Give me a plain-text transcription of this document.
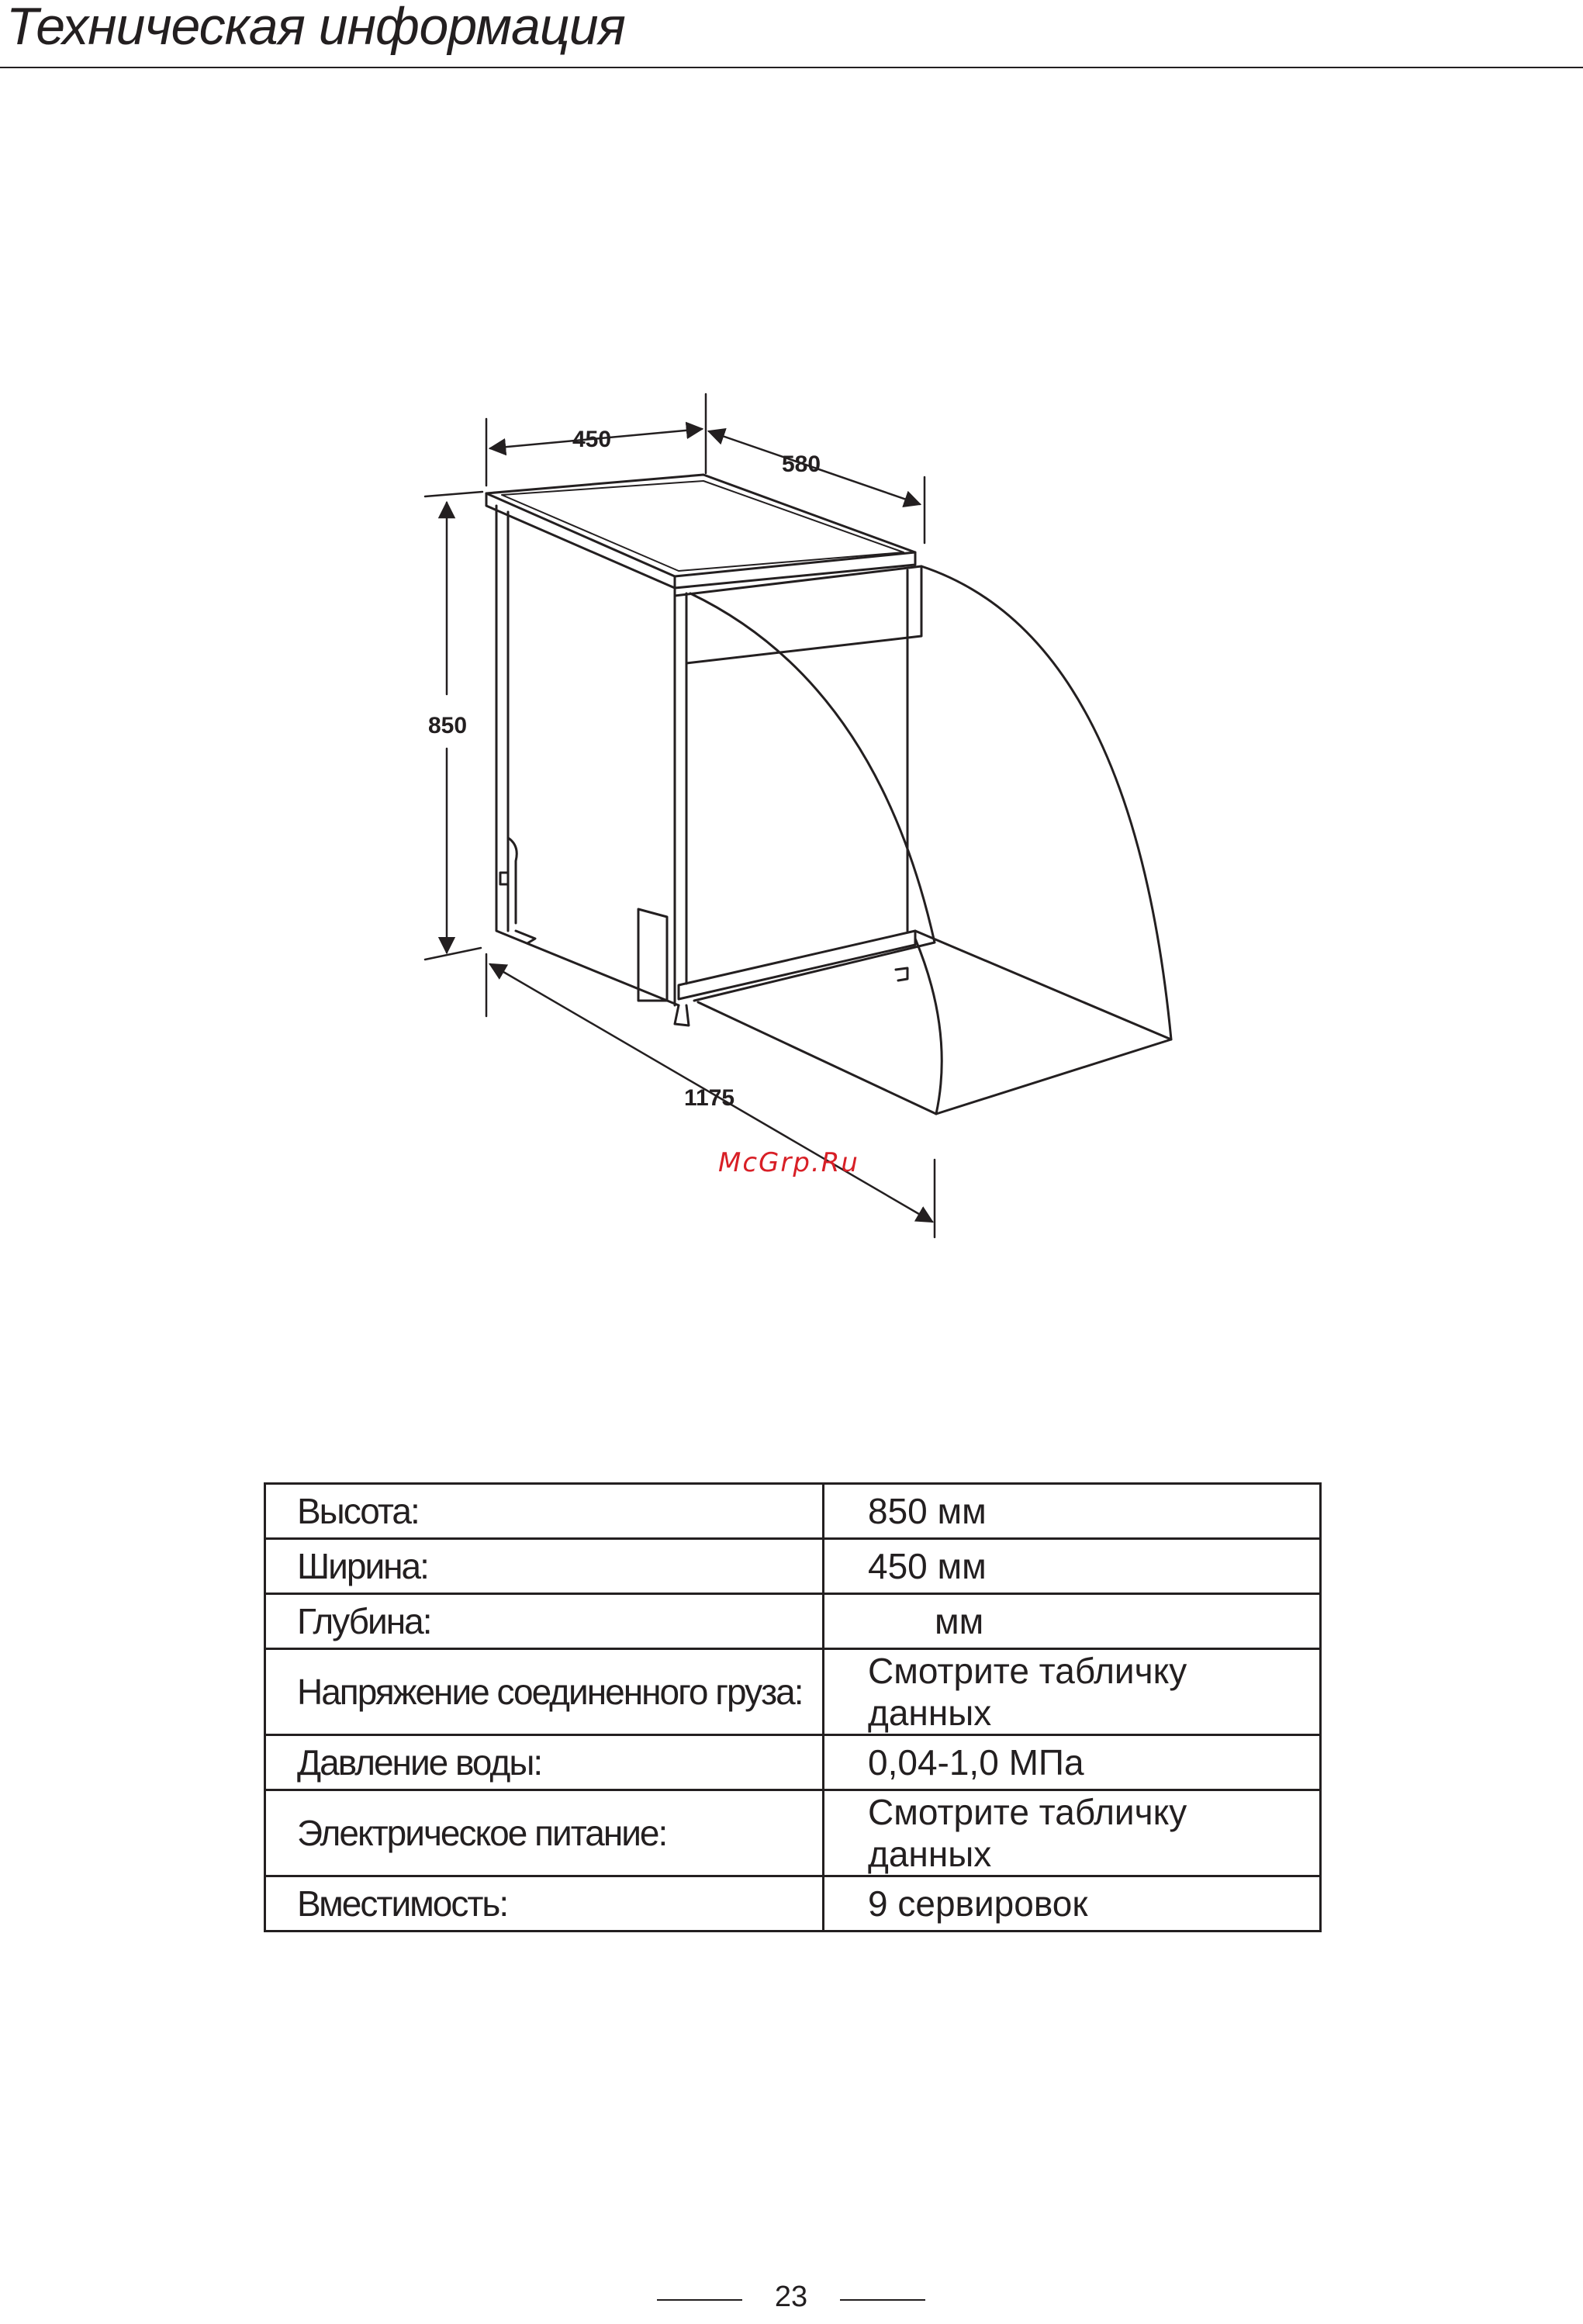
Техническая информация
450
580
850
1175
McGrp.Ru
Высота:	850 мм
Ширина:	450 мм
Глубина:	мм
Напряжение соединенного груза:	Смотрите табличку данных
Давление воды:	0,04-1,0 МПа
Электрическое питание:	Смотрите табличку данных
Вместимость:	9 сервировок
23
